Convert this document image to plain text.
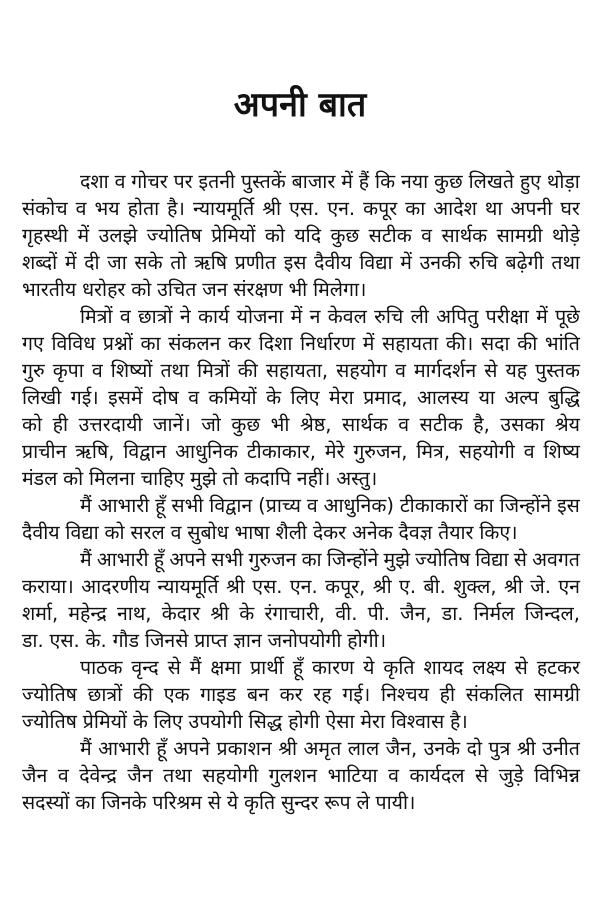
अपनी बात
दशा व गोचर पर इतनी पुस्तकें बाजार में हैं कि नया कुछ लिखते हुए थोड़ा
संकोच व भय होता है। न्यायमूर्ति श्री एस. एन. कपूर का आदेश था अपनी घर
गृहस्थी में उलझे ज्योतिष प्रेमियों को यदि कुछ सटीक व सार्थक सामग्री थोड़े
शब्दों में दी जा सके तो ऋषि प्रणीत इस दैवीय विद्या में उनकी रुचि बढ़ेगी तथा
भारतीय धरोहर को उचित जन संरक्षण भी मिलेगा।
मित्रों व छात्रों ने कार्य योजना में न केवल रुचि ली अपितु परीक्षा में पूछे
गए विविध प्रश्नों का संकलन कर दिशा निर्धारण में सहायता की। सदा की भांति
गुरु कृपा व शिष्यों तथा मित्रों की सहायता, सहयोग व मार्गदर्शन से यह पुस्तक
लिखी गई। इसमें दोष व कमियों के लिए मेरा प्रमाद, आलस्य या अल्प बुद्धि
को ही उत्तरदायी जानें। जो कुछ भी श्रेष्ठ, सार्थक व सटीक है, उसका श्रेय
प्राचीन ऋषि, विद्वान आधुनिक टीकाकार, मेरे गुरुजन, मित्र, सहयोगी व शिष्य
मंडल को मिलना चाहिए मुझे तो कदापि नहीं। अस्तु।
मैं आभारी हूँ सभी विद्वान (प्राच्य व आधुनिक) टीकाकारों का जिन्होंने इस
दैवीय विद्या को सरल व सुबोध भाषा शैली देकर अनेक दैवज्ञ तैयार किए।
मैं आभारी हूँ अपने सभी गुरुजन का जिन्होंने मुझे ज्योतिष विद्या से अवगत
कराया। आदरणीय न्यायमूर्ति श्री एस. एन. कपूर, श्री ए. बी. शुक्ल, श्री जे. एन
शर्मा, महेन्द्र नाथ, केदार श्री के रंगाचारी, वी. पी. जैन, डा. निर्मल जिन्दल,
डा. एस. के. गौड जिनसे प्राप्त ज्ञान जनोपयोगी होगी।
पाठक वृन्द से मैं क्षमा प्रार्थी हूँ कारण ये कृति शायद लक्ष्य से हटकर
ज्योतिष छात्रों की एक गाइड बन कर रह गई। निश्चय ही संकलित सामग्री
ज्योतिष प्रेमियों के लिए उपयोगी सिद्ध होगी ऐसा मेरा विश्वास है।
मैं आभारी हूँ अपने प्रकाशन श्री अमृत लाल जैन, उनके दो पुत्र श्री उनीत
जैन व देवेन्द्र जैन तथा सहयोगी गुलशन भाटिया व कार्यदल से जुड़े विभिन्न
सदस्यों का जिनके परिश्रम से ये कृति सुन्दर रूप ले पायी।
